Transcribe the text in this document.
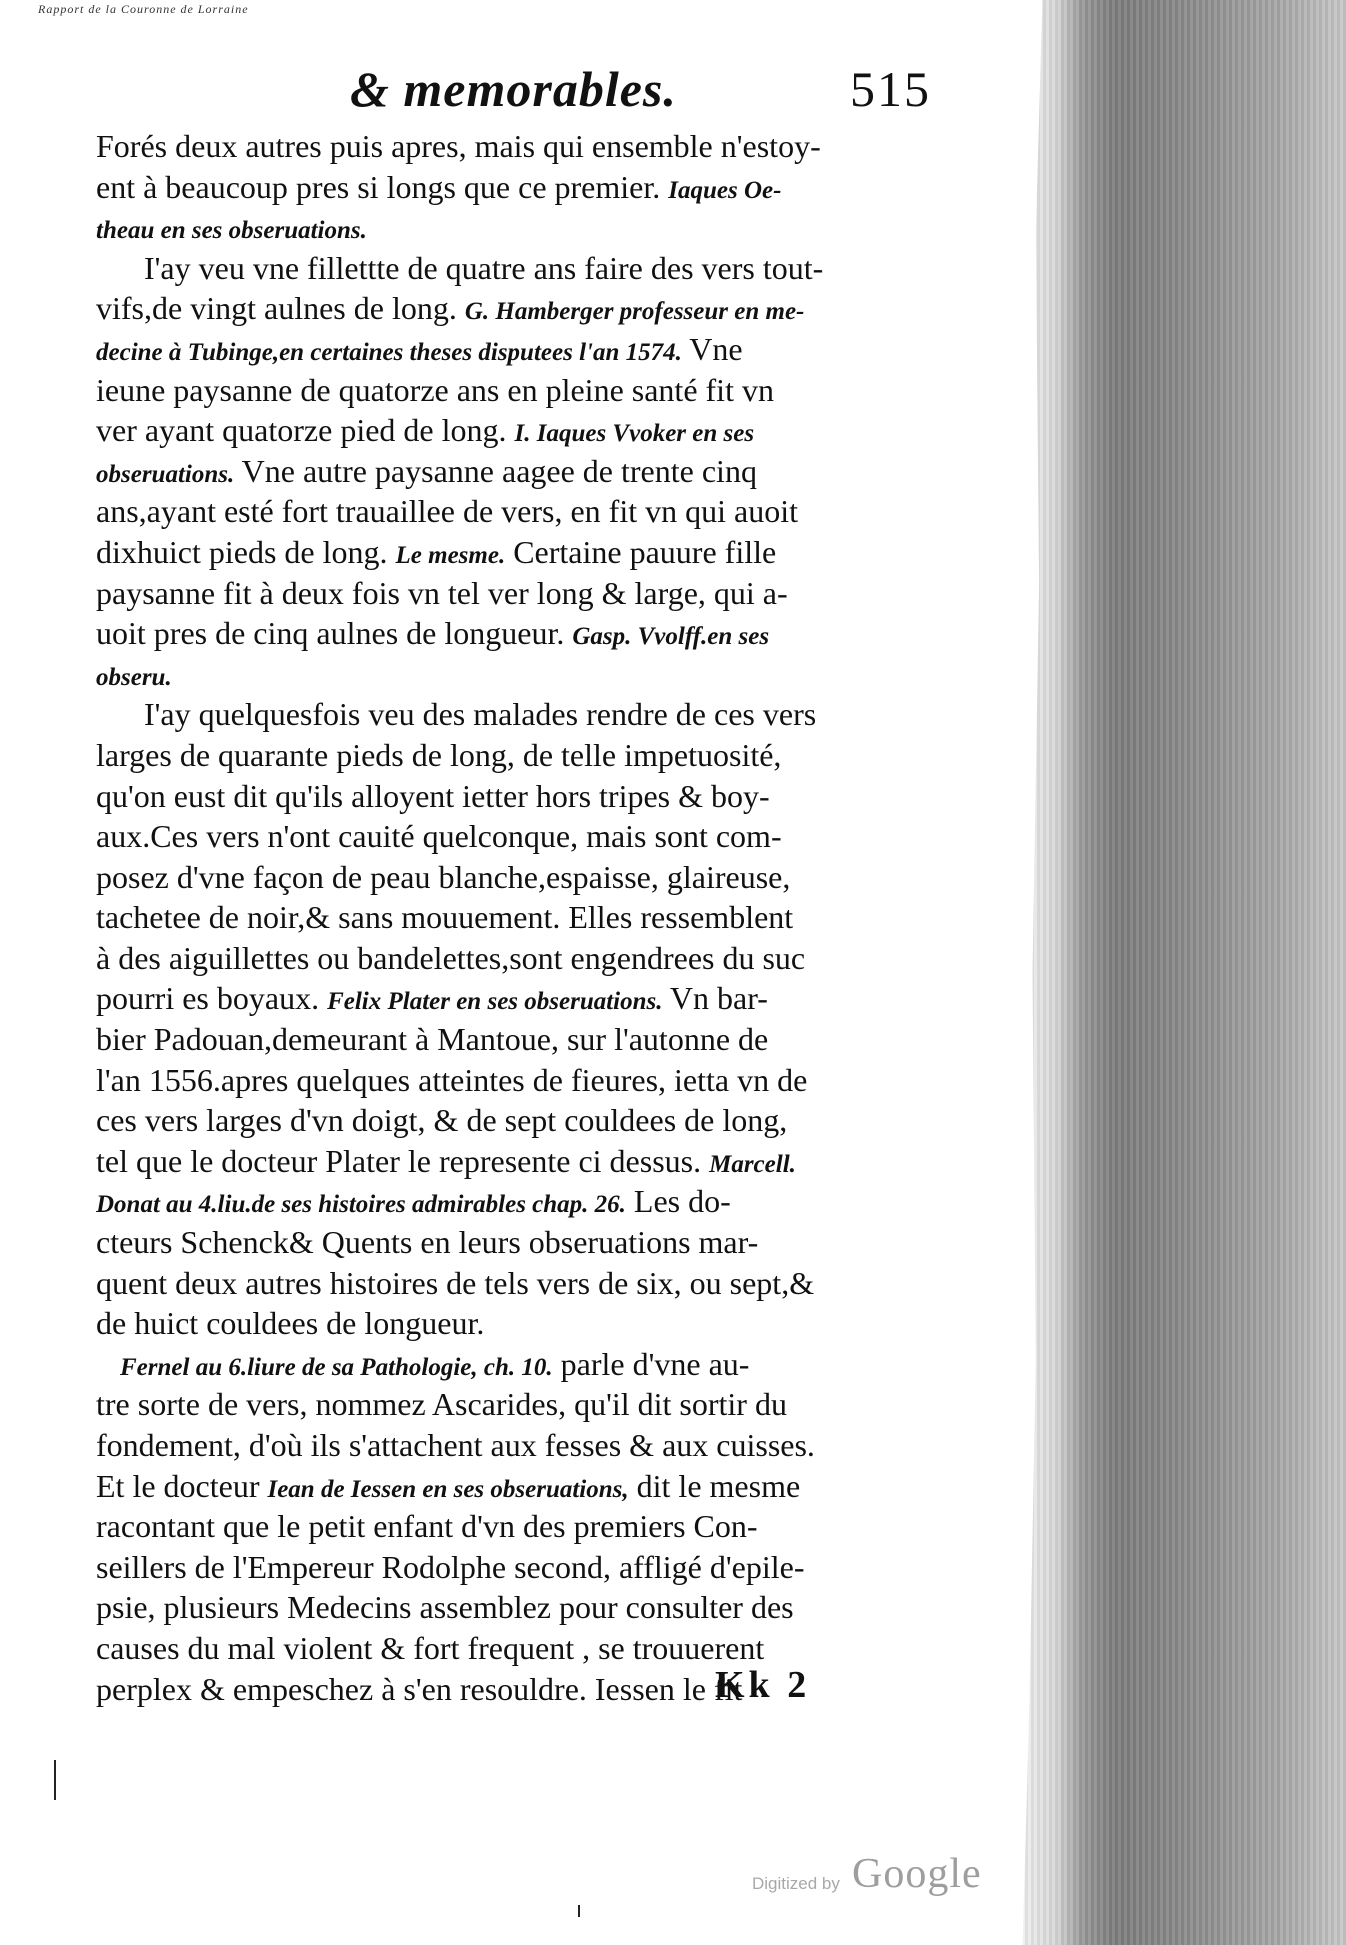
Rapport de la Couronne de Lorraine
& memorables.	515
Forés deux autres puis apres, mais qui ensemble n'estoy-
ent à beaucoup pres si longs que ce premier. Iaques Oe-
theau en ses obseruations.
I'ay veu vne fillettte de quatre ans faire des vers tout-
vifs,de vingt aulnes de long. G. Hamberger professeur en me-
decine à Tubinge,en certaines theses disputees l'an 1574. Vne
ieune paysanne de quatorze ans en pleine santé fit vn
ver ayant quatorze pied de long. I. Iaques Vvoker en ses
obseruations. Vne autre paysanne aagee de trente cinq
ans,ayant esté fort trauaillee de vers, en fit vn qui auoit
dixhuict pieds de long. Le mesme. Certaine pauure fille
paysanne fit à deux fois vn tel ver long & large, qui a-
uoit pres de cinq aulnes de longueur. Gasp. Vvolff.en ses
obseru.
I'ay quelquesfois veu des malades rendre de ces vers
larges de quarante pieds de long, de telle impetuosité,
qu'on eust dit qu'ils alloyent ietter hors tripes & boy-
aux.Ces vers n'ont cauité quelconque, mais sont com-
posez d'vne façon de peau blanche,espaisse, glaireuse,
tachetee de noir,& sans mouuement. Elles ressemblent
à des aiguillettes ou bandelettes,sont engendrees du suc
pourri es boyaux. Felix Plater en ses obseruations. Vn bar-
bier Padouan,demeurant à Mantoue, sur l'autonne de
l'an 1556.apres quelques atteintes de fieures, ietta vn de
ces vers larges d'vn doigt, & de sept couldees de long,
tel que le docteur Plater le represente ci dessus. Marcell.
Donat au 4.liu.de ses histoires admirables chap. 26. Les do-
cteurs Schenck& Quents en leurs obseruations mar-
quent deux autres histoires de tels vers de six, ou sept,&
de huict couldees de longueur.
Fernel au 6.liure de sa Pathologie, ch. 10. parle d'vne au-
tre sorte de vers, nommez Ascarides, qu'il dit sortir du
fondement, d'où ils s'attachent aux fesses & aux cuisses.
Et le docteur Iean de Iessen en ses obseruations, dit le mesme
racontant que le petit enfant d'vn des premiers Con-
seillers de l'Empereur Rodolphe second, affligé d'epile-
psie, plusieurs Medecins assemblez pour consulter des
causes du mal violent & fort frequent , se trouuerent
perplex & empeschez à s'en resouldre. Iessen le fit
Kk 2
Digitized by Google
